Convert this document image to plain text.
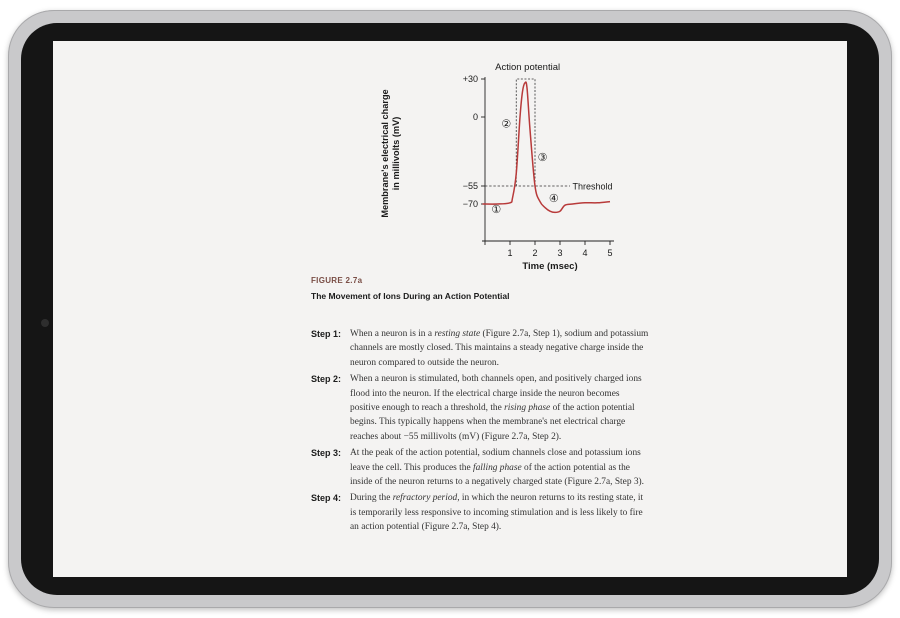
Membrane's electrical charge in millivolts (mV)
+30
0
−55
−70
1 2 3 4 5
Action potential
Threshold
①
②
③
④
Time (msec)
FIGURE 2.7a
The Movement of Ions During an Action Potential
Step 1: When a neuron is in a resting state (Figure 2.7a, Step 1), sodium and potassium channels are mostly closed. This maintains a steady negative charge inside the neuron compared to outside the neuron.
Step 2: When a neuron is stimulated, both channels open, and positively charged ions flood into the neuron. If the electrical charge inside the neuron becomes positive enough to reach a threshold, the rising phase of the action potential begins. This typically happens when the membrane's net electrical charge reaches about −55 millivolts (mV) (Figure 2.7a, Step 2).
Step 3: At the peak of the action potential, sodium channels close and potassium ions leave the cell. This produces the falling phase of the action potential as the inside of the neuron returns to a negatively charged state (Figure 2.7a, Step 3).
Step 4: During the refractory period, in which the neuron returns to its resting state, it is temporarily less responsive to incoming stimulation and is less likely to fire an action potential (Figure 2.7a, Step 4).
